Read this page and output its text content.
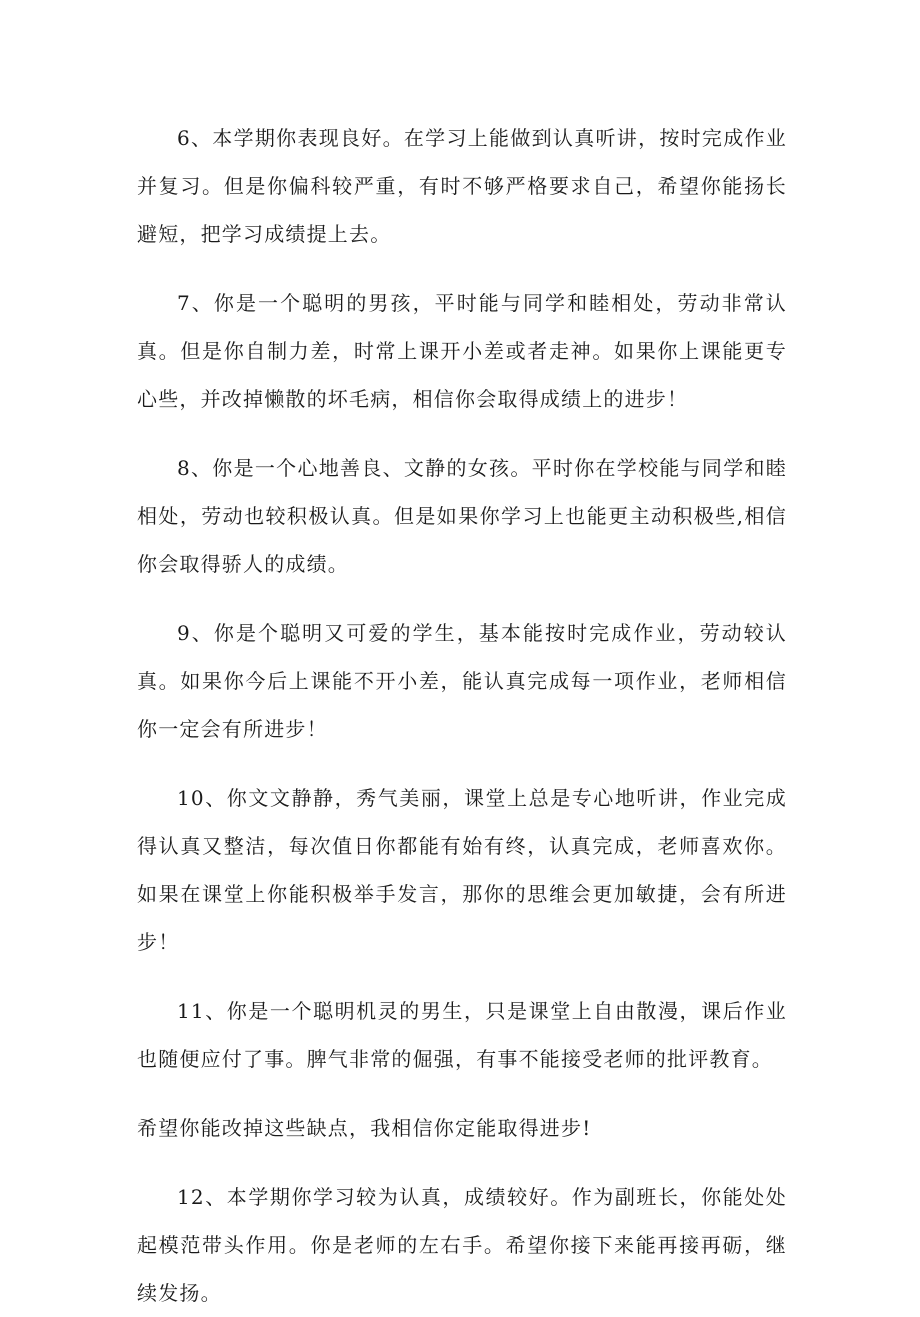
6、本学期你表现良好。在学习上能做到认真听讲，按时完成作业并复习。但是你偏科较严重，有时不够严格要求自己，希望你能扬长避短，把学习成绩提上去。

7、你是一个聪明的男孩，平时能与同学和睦相处，劳动非常认真。但是你自制力差，时常上课开小差或者走神。如果你上课能更专心些，并改掉懒散的坏毛病，相信你会取得成绩上的进步！

8、你是一个心地善良、文静的女孩。平时你在学校能与同学和睦相处，劳动也较积极认真。但是如果你学习上也能更主动积极些,相信你会取得骄人的成绩。

9、你是个聪明又可爱的学生，基本能按时完成作业，劳动较认真。如果你今后上课能不开小差，能认真完成每一项作业，老师相信你一定会有所进步！

10、你文文静静，秀气美丽，课堂上总是专心地听讲，作业完成得认真又整洁，每次值日你都能有始有终，认真完成，老师喜欢你。如果在课堂上你能积极举手发言，那你的思维会更加敏捷，会有所进步！

11、你是一个聪明机灵的男生，只是课堂上自由散漫，课后作业也随便应付了事。脾气非常的倔强，有事不能接受老师的批评教育。

希望你能改掉这些缺点，我相信你定能取得进步!

12、本学期你学习较为认真，成绩较好。作为副班长，你能处处起模范带头作用。你是老师的左右手。希望你接下来能再接再砺，继续发扬。
